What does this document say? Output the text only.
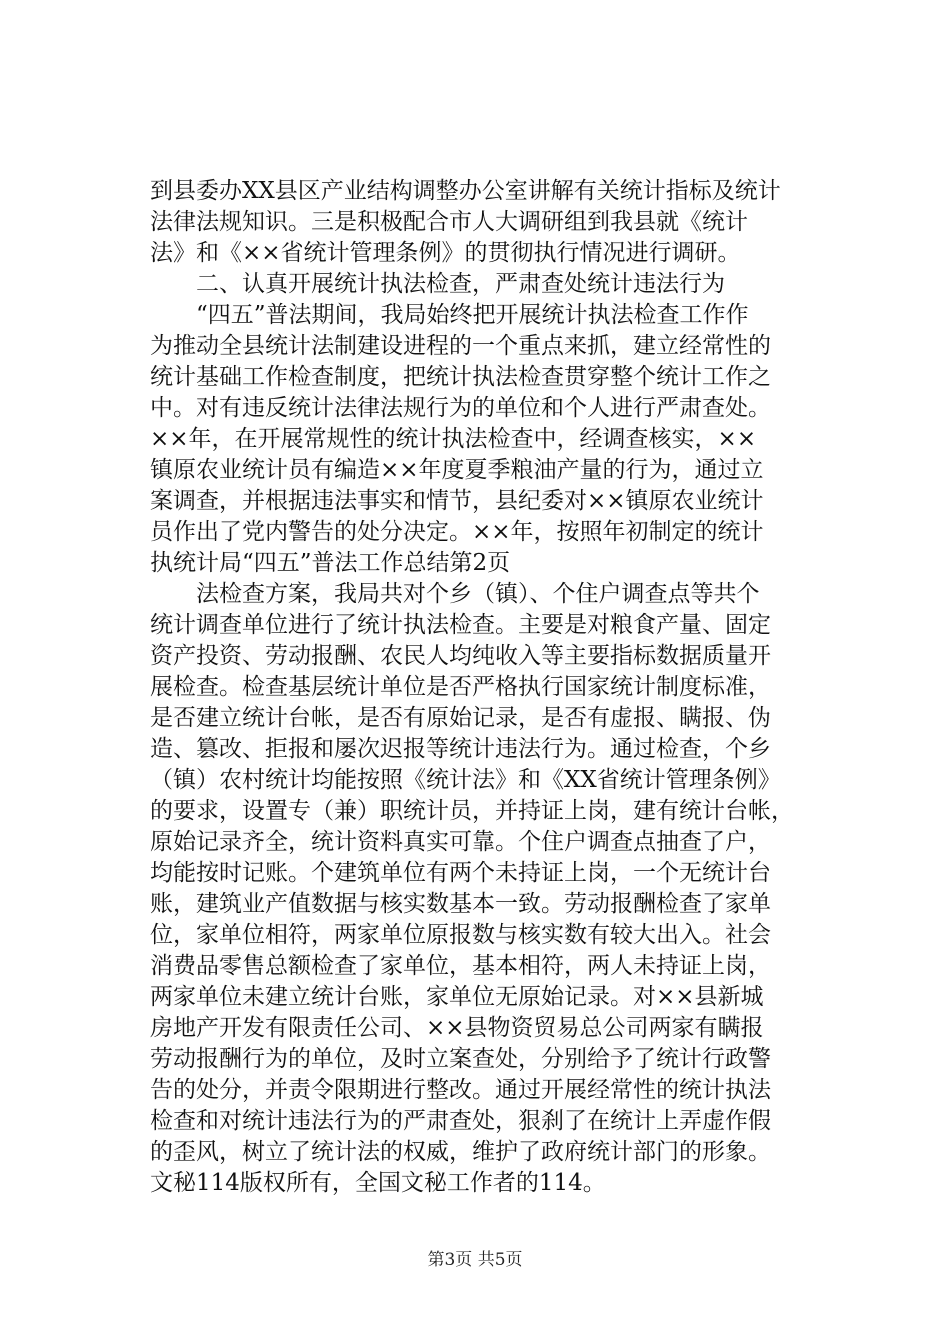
到县委办XX县区产业结构调整办公室讲解有关统计指标及统计
法律法规知识。三是积极配合市人大调研组到我县就《统计
法》和《××省统计管理条例》的贯彻执行情况进行调研。
　　二、认真开展统计执法检查，严肃查处统计违法行为
　　“四五”普法期间，我局始终把开展统计执法检查工作作
为推动全县统计法制建设进程的一个重点来抓，建立经常性的
统计基础工作检查制度，把统计执法检查贯穿整个统计工作之
中。对有违反统计法律法规行为的单位和个人进行严肃查处。
××年，在开展常规性的统计执法检查中，经调查核实，××
镇原农业统计员有编造××年度夏季粮油产量的行为，通过立
案调查，并根据违法事实和情节，县纪委对××镇原农业统计
员作出了党内警告的处分决定。××年，按照年初制定的统计
执统计局“四五”普法工作总结第2页
　　法检查方案，我局共对个乡（镇）、个住户调查点等共个
统计调查单位进行了统计执法检查。主要是对粮食产量、固定
资产投资、劳动报酬、农民人均纯收入等主要指标数据质量开
展检查。检查基层统计单位是否严格执行国家统计制度标准，
是否建立统计台帐，是否有原始记录，是否有虚报、瞒报、伪
造、篡改、拒报和屡次迟报等统计违法行为。通过检查，个乡
（镇）农村统计均能按照《统计法》和《XX省统计管理条例》
的要求，设置专（兼）职统计员，并持证上岗，建有统计台帐，
原始记录齐全，统计资料真实可靠。个住户调查点抽查了户，
均能按时记账。个建筑单位有两个未持证上岗，一个无统计台
账，建筑业产值数据与核实数基本一致。劳动报酬检查了家单
位，家单位相符，两家单位原报数与核实数有较大出入。社会
消费品零售总额检查了家单位，基本相符，两人未持证上岗，
两家单位未建立统计台账，家单位无原始记录。对××县新城
房地产开发有限责任公司、××县物资贸易总公司两家有瞒报
劳动报酬行为的单位，及时立案查处，分别给予了统计行政警
告的处分，并责令限期进行整改。通过开展经常性的统计执法
检查和对统计违法行为的严肃查处，狠刹了在统计上弄虚作假
的歪风，树立了统计法的权威，维护了政府统计部门的形象。
文秘114版权所有，全国文秘工作者的114。
第3页 共5页
